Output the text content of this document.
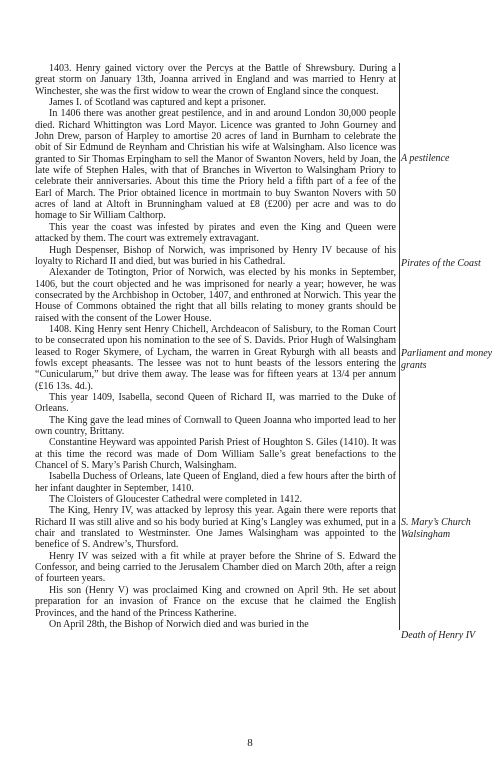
1403. Henry gained victory over the Percys at the Battle of Shrewsbury. During a great storm on January 13th, Joanna arrived in England and was married to Henry at Winchester, she was the first widow to wear the crown of England since the conquest.

James I. of Scotland was captured and kept a prisoner.

In 1406 there was another great pestilence, and in and around London 30,000 people died. Richard Whittington was Lord Mayor. Licence was granted to John Gourney and John Drew, parson of Harpley to amortise 20 acres of land in Burnham to celebrate the obit of Sir Edmund de Reynham and Christian his wife at Walsingham. Also licence was granted to Sir Thomas Erpingham to sell the Manor of Swanton Novers, held by Joan, the late wife of Stephen Hales, with that of Branches in Wiverton to Walsingham Priory to celebrate their anniversaries. About this time the Priory held a fifth part of a fee of the Earl of March. The Prior obtained licence in mortmain to buy Swanton Novers with 50 acres of land at Altoft in Brunningham valued at £8 (£200) per acre and was to do homage to Sir William Calthorp.

This year the coast was infested by pirates and even the King and Queen were attacked by them. The court was extremely extravagant.

Hugh Despenser, Bishop of Norwich, was imprisoned by Henry IV because of his loyalty to Richard II and died, but was buried in his Cathedral.

Alexander de Totington, Prior of Norwich, was elected by his monks in September, 1406, but the court objected and he was imprisoned for nearly a year; however, he was consecrated by the Archbishop in October, 1407, and enthroned at Norwich. This year the House of Commons obtained the right that all bills relating to money grants should be raised with the consent of the Lower House.

1408. King Henry sent Henry Chichell, Archdeacon of Salisbury, to the Roman Court to be consecrated upon his nomination to the see of S. Davids. Prior Hugh of Walsingham leased to Roger Skymere, of Lycham, the warren in Great Ryburgh with all beasts and fowls except pheasants. The lessee was not to hunt beasts of the lessors entering the “Cunicularum,” but drive them away. The lease was for fifteen years at 13/4 per annum (£16 13s. 4d.).

This year 1409, Isabella, second Queen of Richard II, was married to the Duke of Orleans.

The King gave the lead mines of Cornwall to Queen Joanna who imported lead to her own country, Brittany.

Constantine Heyward was appointed Parish Priest of Houghton S. Giles (1410). It was at this time the record was made of Dom William Salle’s great benefactions to the Chancel of S. Mary’s Parish Church, Walsingham.

Isabella Duchess of Orleans, late Queen of England, died a few hours after the birth of her infant daughter in September, 1410.

The Cloisters of Gloucester Cathedral were completed in 1412.

The King, Henry IV, was attacked by leprosy this year. Again there were reports that Richard II was still alive and so his body buried at King’s Langley was exhumed, put in a chair and translated to Westminster. One James Walsingham was appointed to the benefice of S. Andrew’s, Thursford.

Henry IV was seized with a fit while at prayer before the Shrine of S. Edward the Confessor, and being carried to the Jerusalem Chamber died on March 20th, after a reign of fourteen years.

His son (Henry V) was proclaimed King and crowned on April 9th. He set about preparation for an invasion of France on the excuse that he claimed the English Provinces, and the hand of the Princess Katherine.

On April 28th, the Bishop of Norwich died and was buried in the

A pestilence
Pirates of the Coast
Parliament and money grants
S. Mary’s Church Walsingham
Death of Henry IV
8
